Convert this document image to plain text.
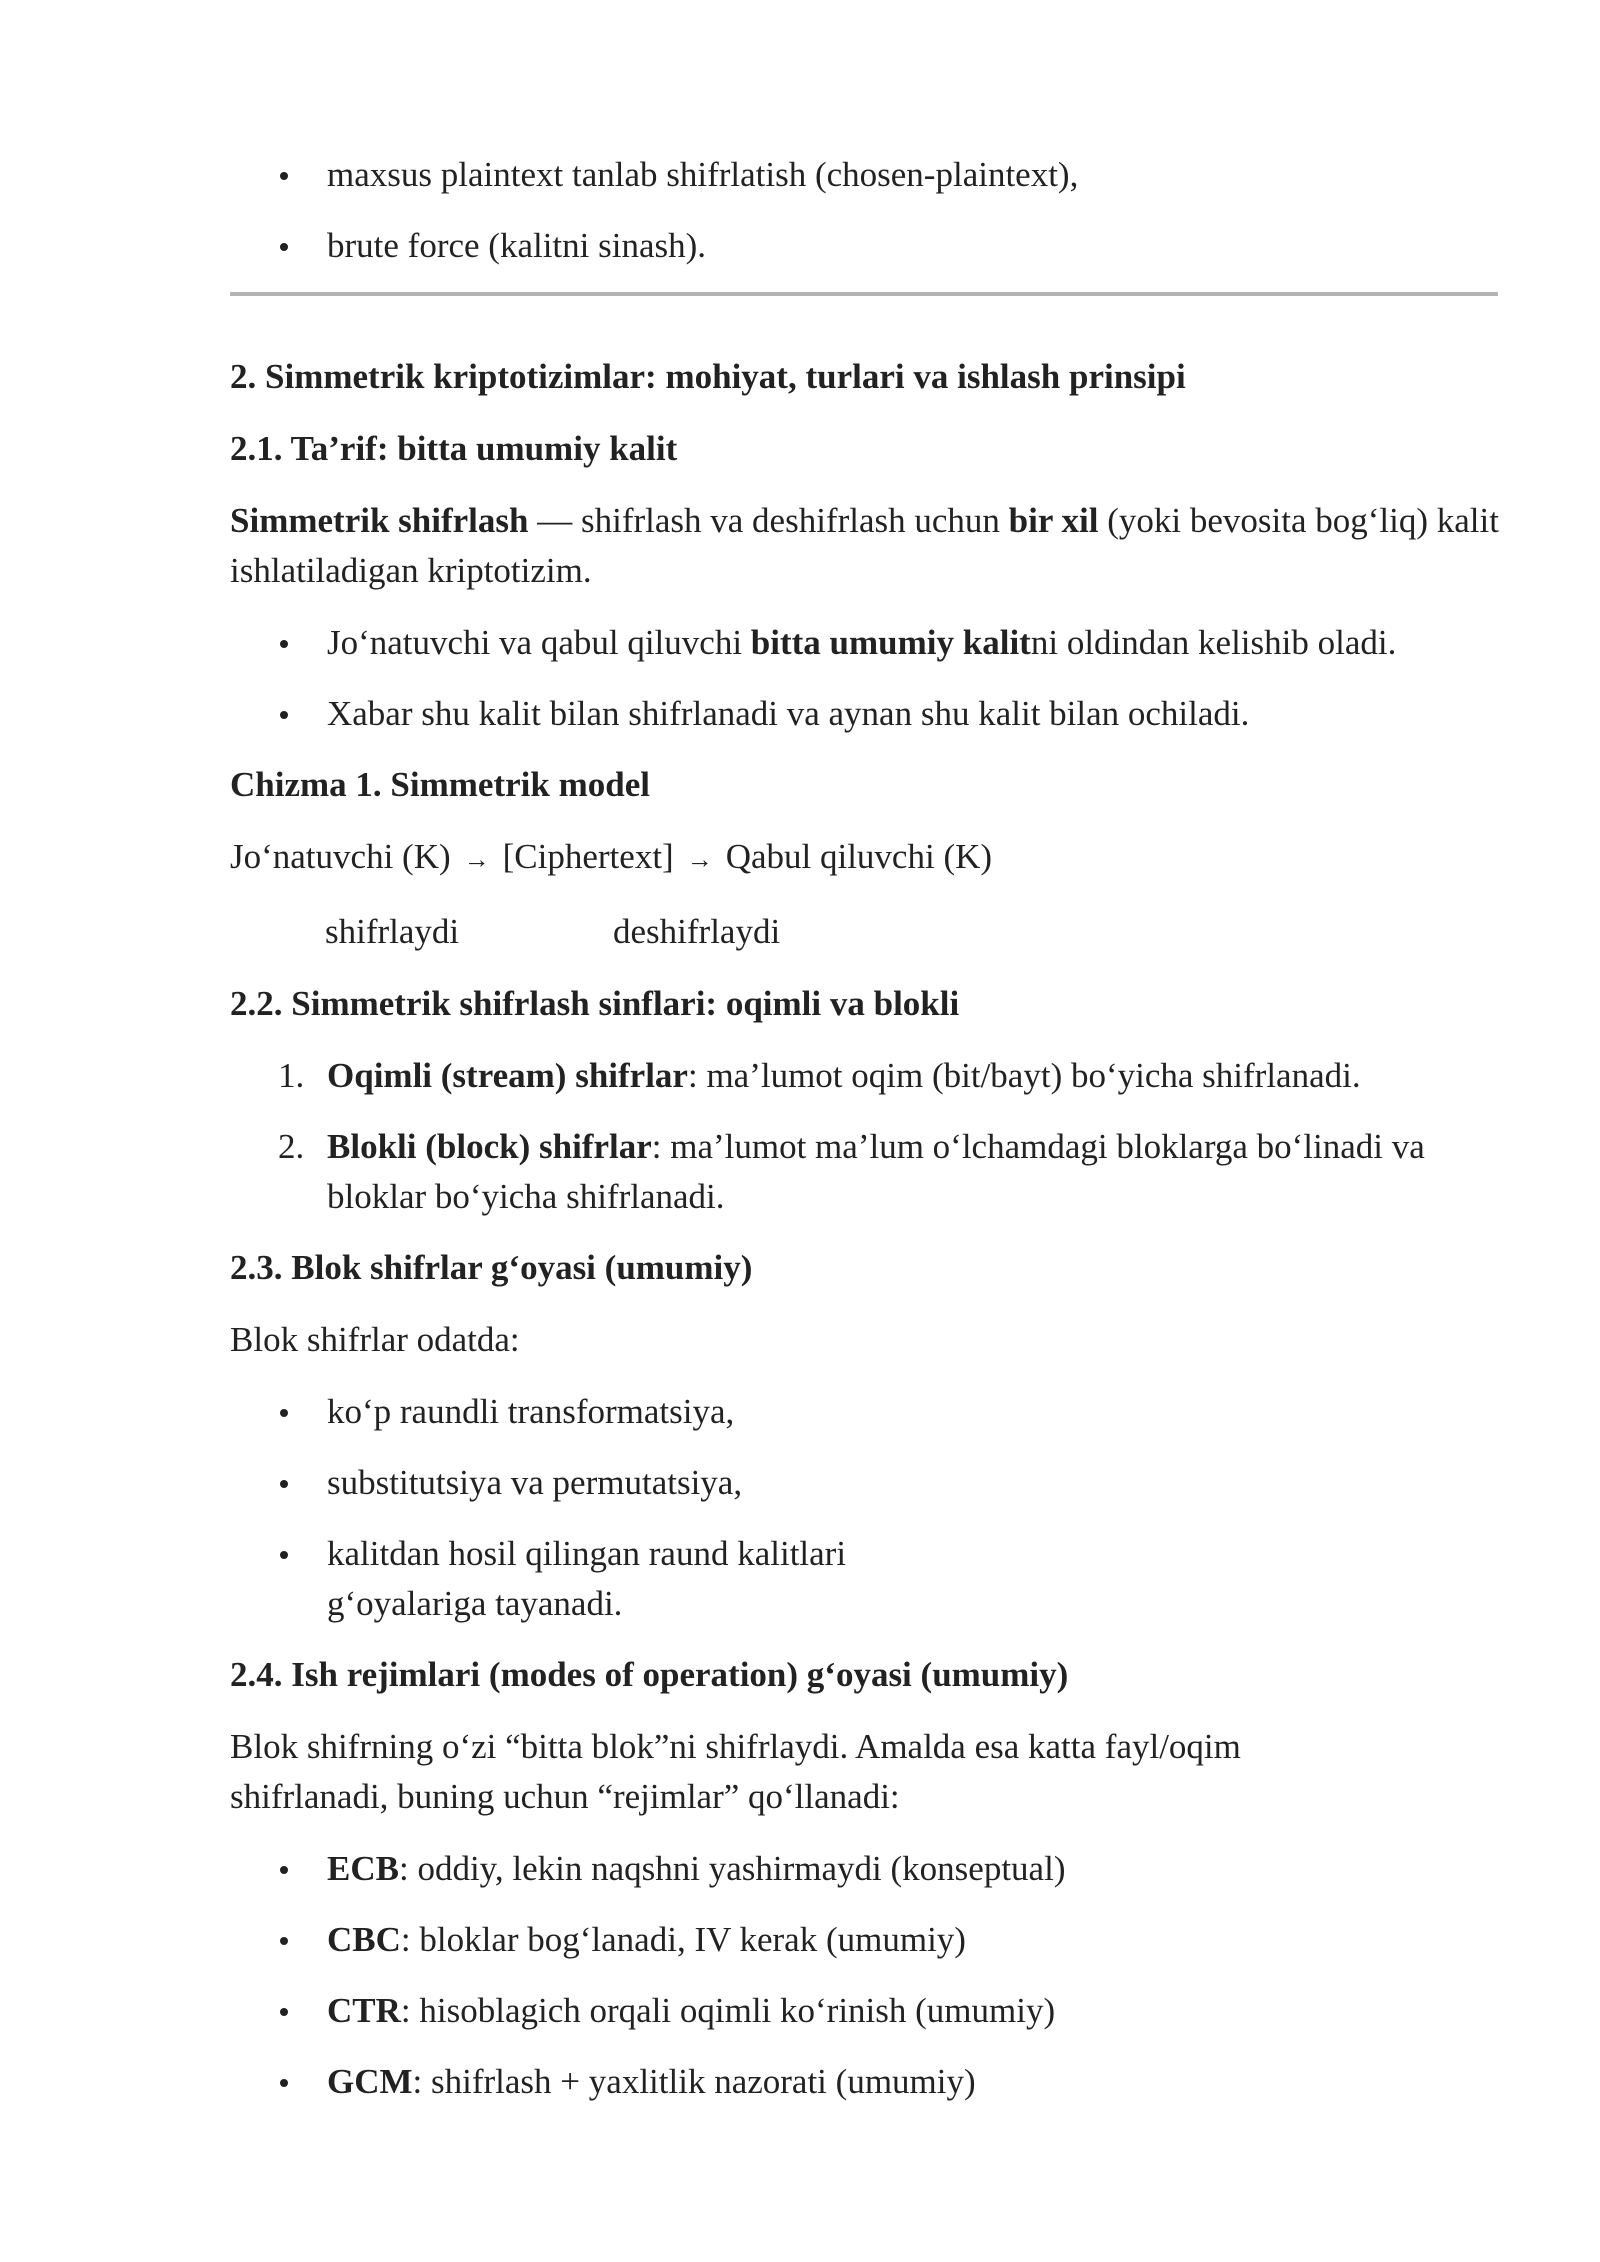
maxsus plaintext tanlab shifrlatish (chosen-plaintext),
brute force (kalitni sinash).
2. Simmetrik kriptotizimlar: mohiyat, turlari va ishlash prinsipi
2.1. Ta’rif: bitta umumiy kalit

Simmetrik shifrlash — shifrlash va deshifrlash uchun bir xil (yoki bevosita bog‘liq) kalit ishlatiladigan kriptotizim.

Jo‘natuvchi va qabul qiluvchi bitta umumiy kalitni oldindan kelishib oladi.
Xabar shu kalit bilan shifrlanadi va aynan shu kalit bilan ochiladi.
Chizma 1. Simmetrik model

Jo‘natuvchi (K) → [Ciphertext] → Qabul qiluvchi (K)

shifrlaydi	deshifrlaydi
2.2. Simmetrik shifrlash sinflari: oqimli va blokli
1. Oqimli (stream) shifrlar: ma’lumot oqim (bit/bayt) bo‘yicha shifrlanadi.
2. Blokli (block) shifrlar: ma’lumot ma’lum o‘lchamdagi bloklarga bo‘linadi va bloklar bo‘yicha shifrlanadi.
2.3. Blok shifrlar g‘oyasi (umumiy)

Blok shifrlar odatda:

ko‘p raundli transformatsiya,
substitutsiya va permutatsiya,
kalitdan hosil qilingan raund kalitlari g‘oyalariga tayanadi.
2.4. Ish rejimlari (modes of operation) g‘oyasi (umumiy)

Blok shifrning o‘zi “bitta blok”ni shifrlaydi. Amalda esa katta fayl/oqim shifrlanadi, buning uchun “rejimlar” qo‘llanadi:

ECB: oddiy, lekin naqshni yashirmaydi (konseptual)
CBC: bloklar bog‘lanadi, IV kerak (umumiy)
CTR: hisoblagich orqali oqimli ko‘rinish (umumiy)
GCM: shifrlash + yaxlitlik nazorati (umumiy)
